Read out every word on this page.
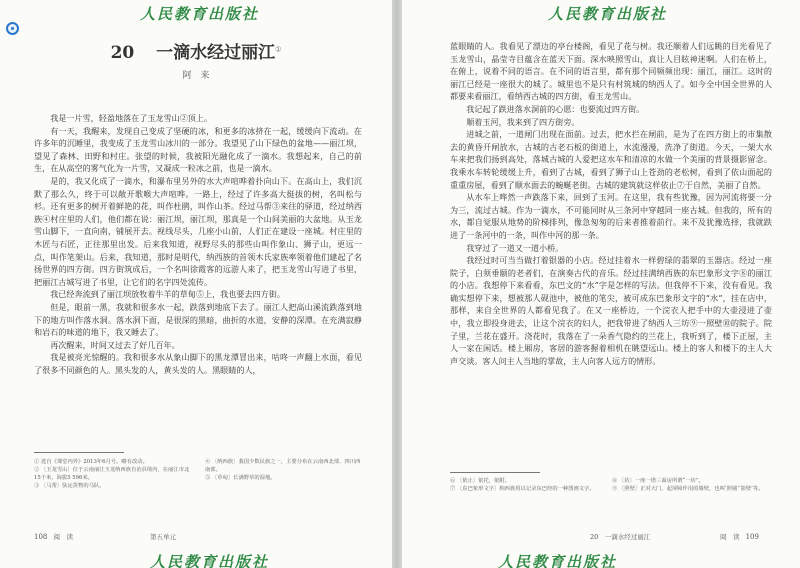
人民教育出版社
20 一滴水经过丽江①
阿　来

我是一片雪，轻盈地落在了玉龙雪山②顶上。

有一天，我醒来，发现自己变成了坚硬的冰，和更多的冰挤在一起，缓缓向下流动。在许多年的沉睡里，我变成了玉龙雪山冰川的一部分。我望见了山下绿色的盆地——丽江坝，望见了森林、田野和村庄。张望的时候，我被阳光融化成了一滴水。我想起来，自己的前生，在从高空的雾气化为一片雪，又凝成一粒冰之前，也是一滴水。

是的，我又化成了一滴水，和瀑布里另外的水大声喧哗着扑向山下。在高山上，我们沉默了那么久，终于可以敞开歌喉大声喧哗。一路上，经过了许多高大挺拔的树，名叫松与杉。还有更多的树开着鲜艳的花，叫作杜鹃，叫作山茶。经过马帮③来往的驿道，经过纳西族④村庄里的人们，他们都在说：丽江坝，丽江坝，那真是一个山间美丽的大盆地。从玉龙雪山脚下，一直向南，铺展开去。视线尽头，几座小山前，人们正在建设一座城。村庄里的木匠与石匠，正往那里出发。后来我知道，视野尽头的那些山叫作象山、狮子山，更远一点，叫作笔架山。后来，我知道，那时是明代，纳西族的首领木氏家族率领着他们建起了名扬世界的四方街。四方街筑成后，一个名叫徐霞客的远游人来了，把玉龙雪山写进了书里，把丽江古城写进了书里，让它们的名字四处流传。

我已经奔流到了丽江坝放牧着牛羊的草甸⑤上，我也要去四方街。

但是，眼前一黑，我就和很多水一起，跌落到地底下去了。丽江人把高山溪流跌落到地下的地方叫作落水洞。落水洞下面，是很深的黑暗，曲折的水道，安静的深潭。在充满寂静和岩石的味道的地下，我又睡去了。

再次醒来，时间又过去了好几百年。

我是被亮光惊醒的。我和很多水从象山脚下的黑龙潭冒出来，咕咚一声翻上水面，看见了很多不同颜色的人。黑头发的人，黄头发的人。黑眼睛的人，

① 选自《课堂内外》2013年6月号。略有改动。

② 〔玉龙雪山〕位于云南丽江玉龙纳西族自治县境内，在丽江市北15千米，海拔5 596米。

③ 〔马帮〕驮运货物的马队。

④ 〔纳西族〕我国少数民族之一，主要分布在云南西北部、四川西南部。

⑤ 〔草甸〕长满野草的湿地。

108 阅　读	第五单元
人民教育出版社
人民教育出版社

蓝眼睛的人。我看见了漂边的亭台楼阁，看见了花与树。我还顺着人们远眺的目光看见了玉龙雪山，晶莹寺目蕴含在蓝天下面。深水映照雪山，真让人目眩神迷啊。人们在桥上，在俯上，说着不同的语言。在不同的语言里，都有那个同频频出现：丽江，丽江。这时的丽江已经是一座很大的城了。城里也不是只有村筑城的纳西人了。如今全中国全世界的人都要来看丽江，看纳西古城的四方街，看玉龙雪山。

我记起了跌进落水洞前的心愿：也要流过四方街。

顺着玉河，我来到了四方街旁。

进城之前，一道闸门出现在面前。过去，把水拦在闸前，是为了在四方街上的市集散去的黄昏开闸放水，古城的古老石板的街道上，水流漫漫，洗净了街道。今天，一架大水车来把我们扬到高处，落城古城的人爱把这水车和清凉的水做一个美丽的背景摄影留念。我乘水车转轮缓缓上升，看到了古城，看到了狮子山上苍劲的老松树，看到了依山面起的重重房屋，看到了顺水面去的蜿蜒老街。古城的建筑就这样依止⑦于自然，美丽了自然。

从水车上哗然一声跌落下来，回到了玉河。在这里，我有些犹豫，因为河流将要一分为三，流过古城。作为一滴水，不可能同时从三条河中穿越同一座古城。但我的，所有的水，都自觉服从地势的阶梯排列，像急匆匆的后来者推着前行。来不及犹豫选择，我就跌进了一条河中的一条，叫作中河的那一条。

我穿过了一道又一道小桥。

我经过时可当当做打着银器的小店。经过挂着水一样碧绿的翡翠的玉器店。经过一座院子，白须垂颐的老者们，在演奏古代的音乐。经过挂满纳西族的东巴象形文字⑧的丽江的小店。我想停下来看看，东巴文的“水”字是怎样的写法。但我停不下来，没有看见。我确实想停下来，想被那人砚池中，被他的笔尖，被可成东巴象形文字的“水”，挂在店中，那样，来自全世界的人都看见我了。在又一座桥边，一个浣衣人把手中的大壶浸进了壶中，我立即投身进去，让这个浣衣的妇人，把我带进了纳西人三坊⑨一照壁⑩的院子。院子里，兰花在盛开。浇花时，我落在了一朵香气隐约的兰花上，我听到了，楼下正屋，主人一家在闲话。楼上厢房，客居的游客握着相机在眺望远山。楼上的客人和楼下的主人大声交谈。客人问主人当地的掌故，主人向客人远方的情形。

⑥ 〔依止〕依托，依附。

⑦ 〔东巴象形文字〕纳西族用以记录东巴经的一种图画文字。

⑧ 〔坊〕一座一塔三面房所谓“一坊”。

⑨ 〔照壁〕正对大门、起屏障作用的墙壁，也叫‘照墙’‘影壁’等。

20　一滴水经过丽江	阅　读 109
人民教育出版社
